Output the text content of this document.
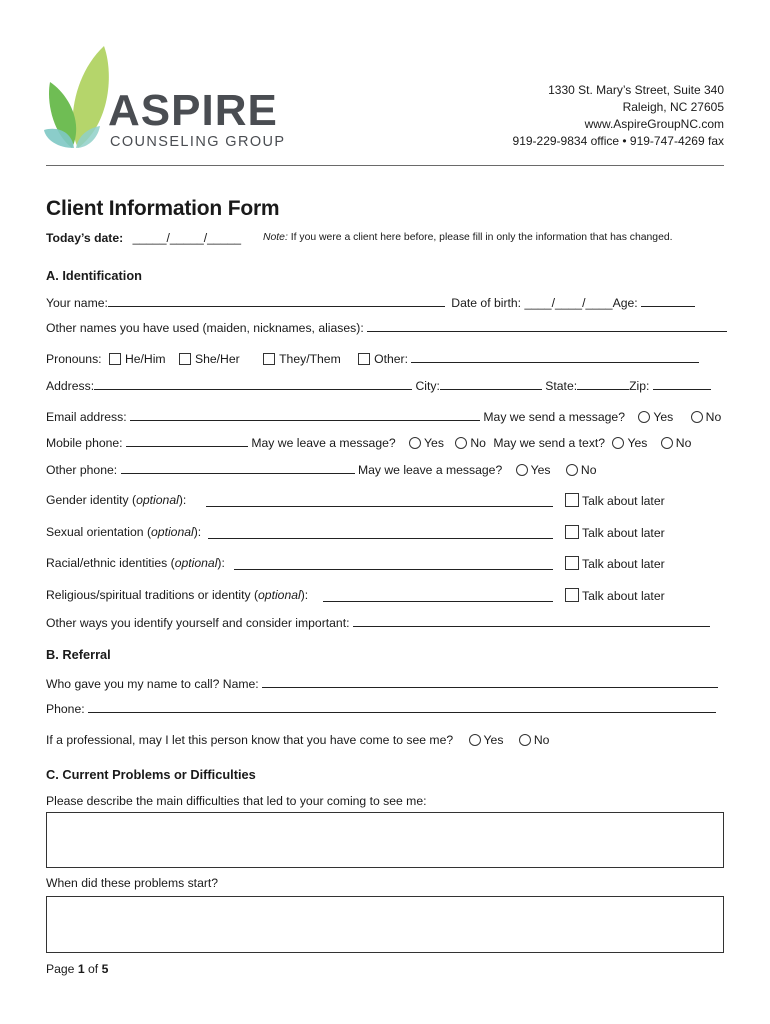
ASPIRE
COUNSELING GROUP
1330 St. Mary’s Street, Suite 340
Raleigh, NC 27605
www.AspireGroupNC.com
919-229-9834 office • 919-747-4269 fax
Client Information Form
Today’s date: _____/_____/_____ Note: If you were a client here before, please fill in only the information that has changed.
A. Identification
Your name:	Date of birth: ____/____/____Age:
Other names you have used (maiden, nicknames, aliases):
Pronouns: He/Him She/Her	They/Them	Other:
Address:	City:	State:	Zip:
Email address:	May we send a message? Yes	No
Mobile phone:	May we leave a message? Yes No May we send a text? Yes No
Other phone:	May we leave a message? Yes No
Gender identity (optional):	Talk about later
Sexual orientation (optional):	Talk about later
Racial/ethnic identities (optional):	Talk about later
Religious/spiritual traditions or identity (optional):	Talk about later
Other ways you identify yourself and consider important:
B. Referral
Who gave you my name to call? Name:
Phone:
If a professional, may I let this person know that you have come to see me? Yes No
C. Current Problems or Difficulties
Please describe the main difficulties that led to your coming to see me:
When did these problems start?
Page 1 of 5
